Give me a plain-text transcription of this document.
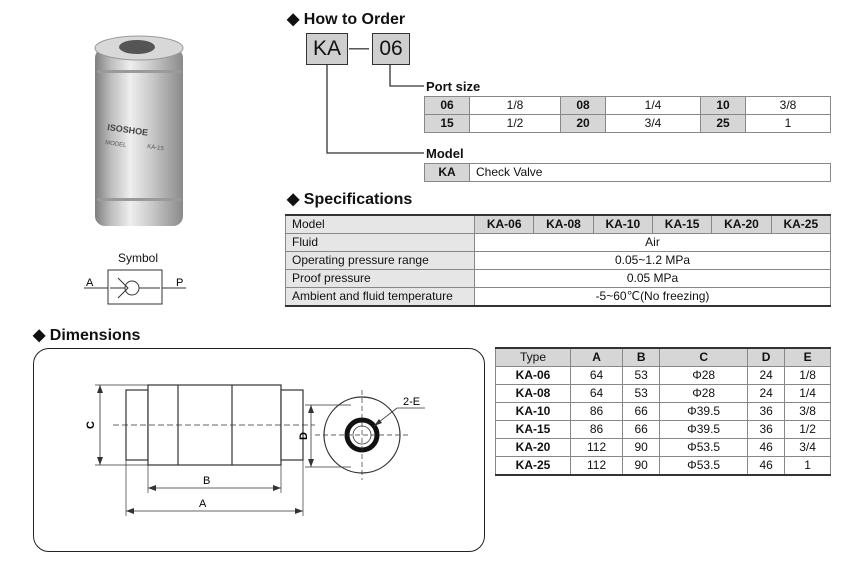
◆ How to Order
KA — 06
Port size
06	1/8	08	1/4	10	3/8
15	1/2	20	3/4	25	1
Model
KA	Check Valve
ISOSHOE
MODEL	KA-15
Symbol
A	P
◆ Specifications
Model	KA-06	KA-08	KA-10	KA-15	KA-20	KA-25
Fluid	Air					
Operating pressure range	0.05~1.2 MPa					
Proof pressure	0.05 MPa					
Ambient and fluid temperature	-5~60℃(No freezing)					
◆ Dimensions
C
B
A
D
2-E
Type	A	B	C	D	E
KA-06	64	53	Φ28	24	1/8
KA-08	64	53	Φ28	24	1/4
KA-10	86	66	Φ39.5	36	3/8
KA-15	86	66	Φ39.5	36	1/2
KA-20	112	90	Φ53.5	46	3/4
KA-25	112	90	Φ53.5	46	1
